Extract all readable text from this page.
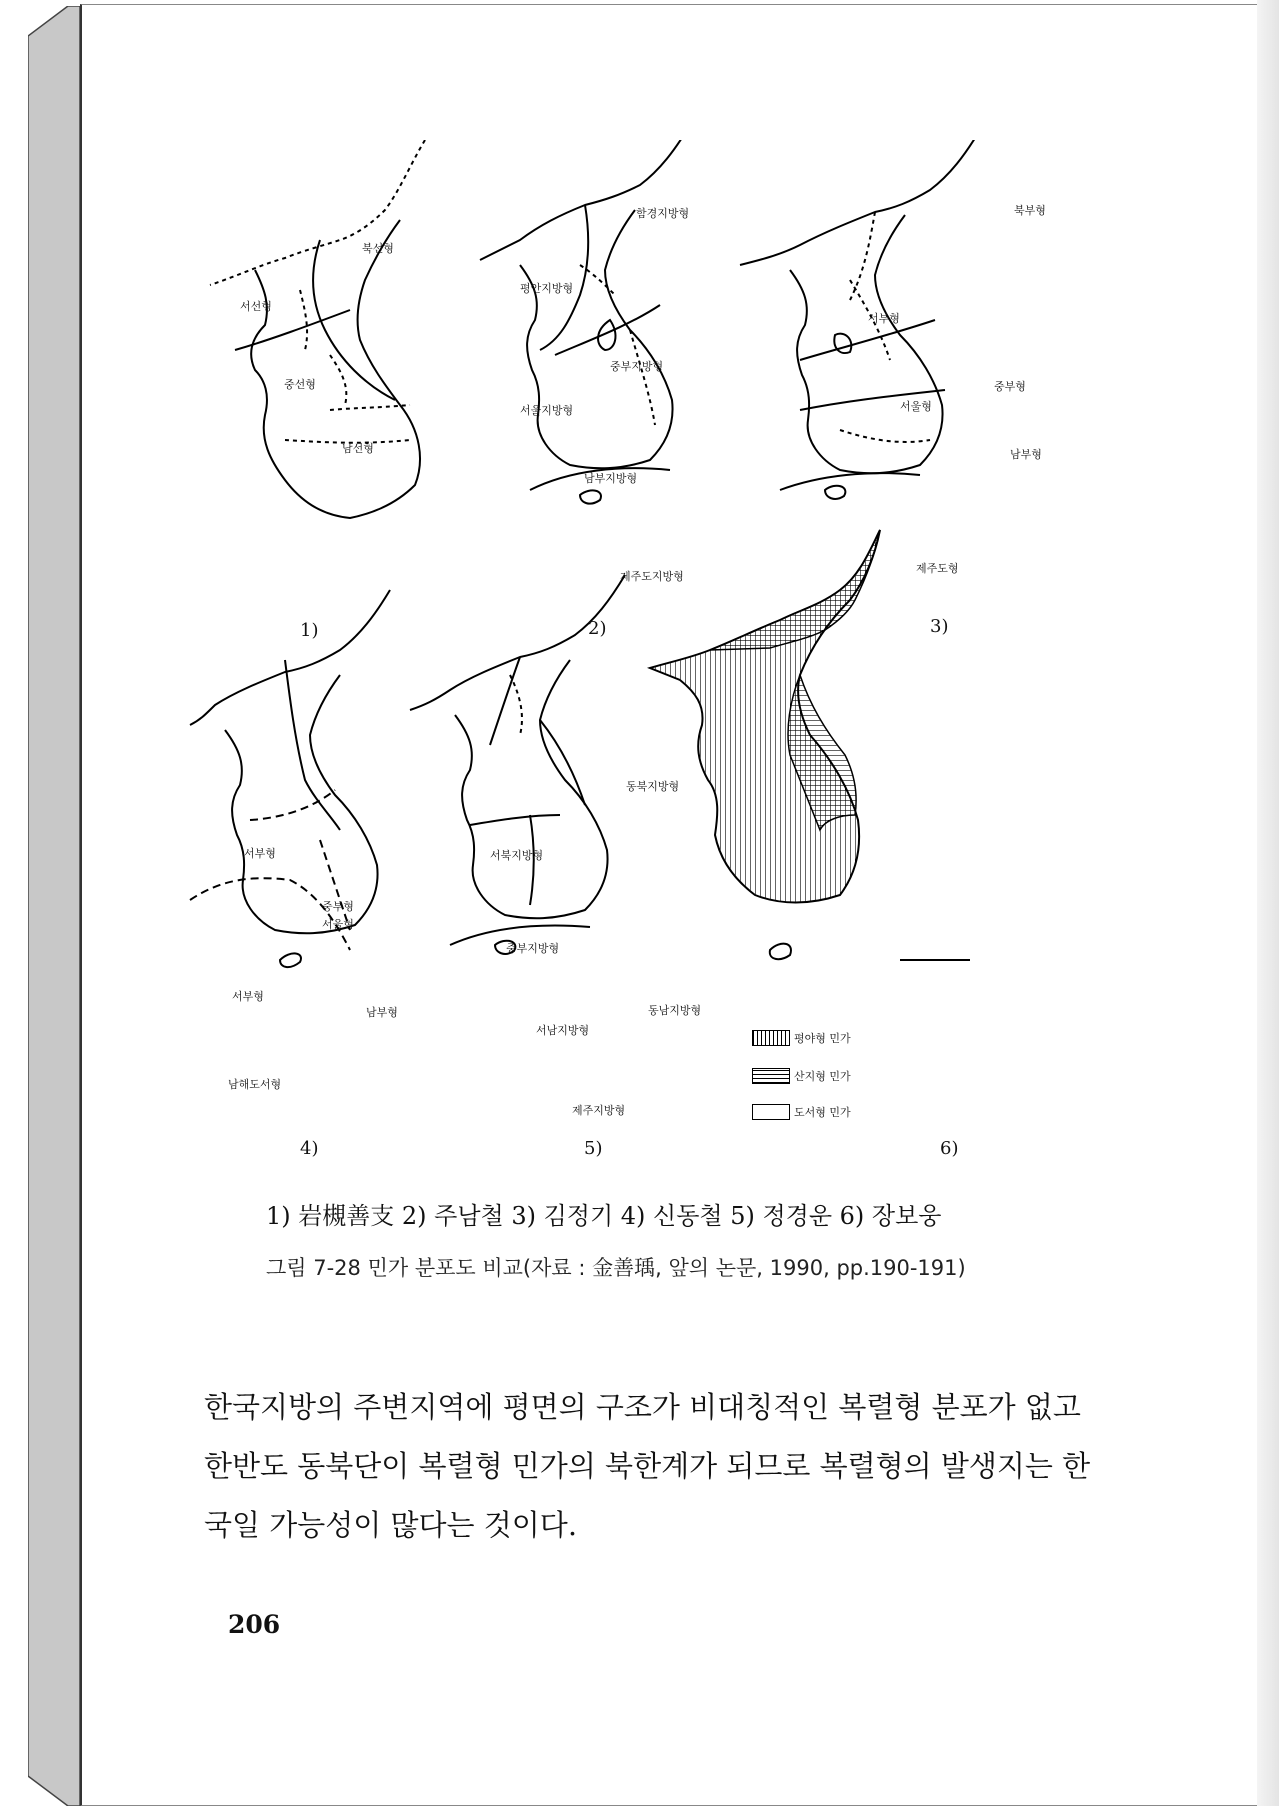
북선형
서선형
중선형
남선형
1)
함경지방형
평안지방형
중부지방형
서울지방형
남부지방형
제주도지방형
2)
북부형
서부형
중부형
서울형
남부형
제주도형
3)
서부형
중부형
서울형
서부형
남부형
남해도서형
4)
동북지방형
서북지방형
중부지방형
동남지방형
서남지방형
제주지방형
5)
평야형 민가
산지형 민가
도서형 민가
6)
1) 岩槻善支 2) 주남철 3) 김정기 4) 신동철 5) 정경운 6) 장보웅
그림 7-28 민가 분포도 비교(자료 : 金善瑀, 앞의 논문, 1990, pp.190-191)

한국지방의 주변지역에 평면의 구조가 비대칭적인 복렬형 분포가 없고

한반도 동북단이 복렬형 민가의 북한계가 되므로 복렬형의 발생지는 한

국일 가능성이 많다는 것이다.

206
